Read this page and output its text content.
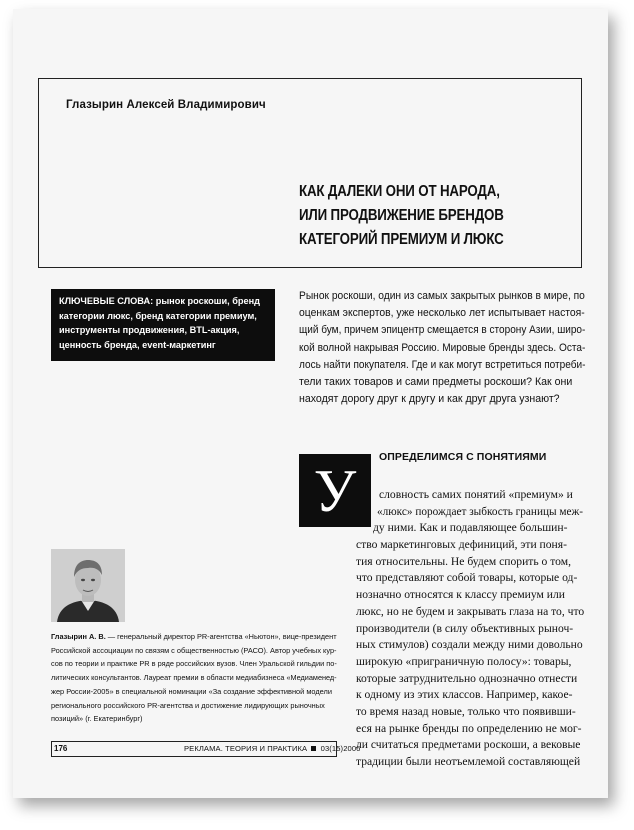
Глазырин Алексей Владимирович
КАК ДАЛЕКИ ОНИ ОТ НАРОДА,
ИЛИ ПРОДВИЖЕНИЕ БРЕНДОВ
КАТЕГОРИЙ ПРЕМИУМ И ЛЮКС
КЛЮЧЕВЫЕ СЛОВА: рынок роскоши, бренд
категории люкс, бренд категории премиум,
инструменты продвижения, BTL-акция,
ценность бренда, event-маркетинг
Рынок роскоши, один из самых закрытых рынков в мире, по
оценкам экспертов, уже несколько лет испытывает настоя-
щий бум, причем эпицентр смещается в сторону Азии, широ-
кой волной накрывая Россию. Мировые бренды здесь. Оста-
лось найти покупателя. Где и как могут встретиться потреби-
тели таких товаров и сами предметы роскоши? Как они
находят дорогу друг к другу и как друг друга узнают?
У
ОПРЕДЕЛИМСЯ С ПОНЯТИЯМИ
словность самих понятий «премиум» и
«люкс» порождает зыбкость границы меж-
ду ними. Как и подавляющее большин-
ство маркетинговых дефиниций, эти поня-
тия относительны. Не будем спорить о том,
что представляют собой товары, которые од-
нозначно относятся к классу премиум или
люкс, но не будем и закрывать глаза на то, что
производители (в силу объективных рыноч-
ных стимулов) создали между ними довольно
широкую «приграничную полосу»: товары,
которые затруднительно однозначно отнести
к одному из этих классов. Например, какое-
то время назад новые, только что появивши-
еся на рынке бренды по определению не мог-
ли считаться предметами роскоши, а вековые
традиции были неотъемлемой составляющей
Глазырин А. В. — генеральный директор PR-агентства «Ньютон», вице-президент
Российской ассоциации по связям с общественностью (РАСО). Автор учебных кур-
сов по теории и практике PR в ряде российских вузов. Член Уральской гильдии по-
литических консультантов. Лауреат премии в области медиабизнеса «Медиаменед-
жер России-2005» в специальной номинации «За создание эффективной модели
регионального российского PR-агентства и достижение лидирующих рыночных
позиций» (г. Екатеринбург)
176	РЕКЛАМА. ТЕОРИЯ И ПРАКТИКА 03(15)2006
